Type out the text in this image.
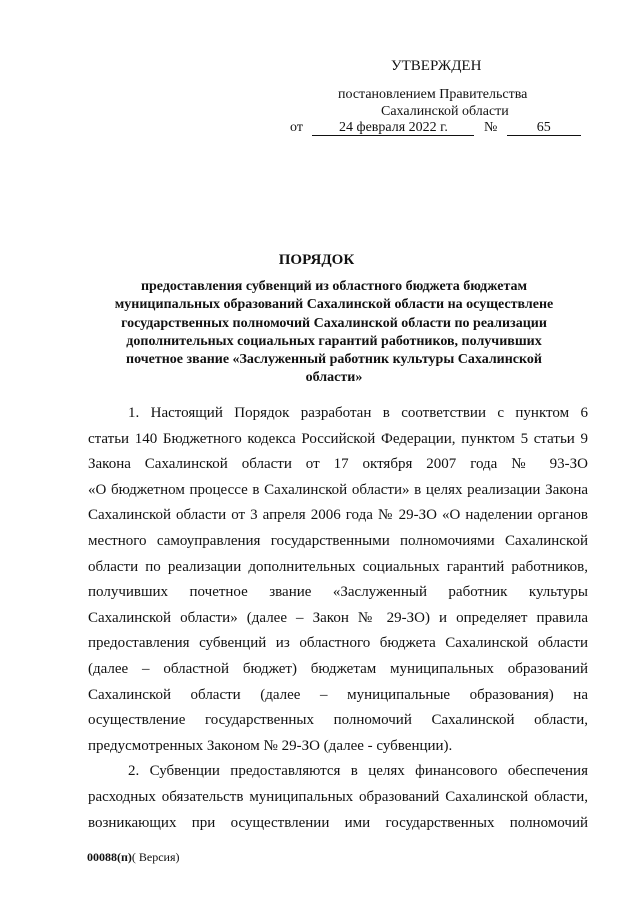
УТВЕРЖДЕН
постановлением Правительства
Сахалинской области
от	24 февраля 2022 г.	№	65
ПОРЯДОК
предоставления субвенций из областного бюджета бюджетам
муниципальных образований Сахалинской области на осуществлене
государственных полномочий Сахалинской области по реализации
дополнительных социальных гарантий работников, получивших
почетное звание «Заслуженный работник культуры Сахалинской
области»
1. Настоящий Порядок разработан в соответствии с пунктом 6
статьи 140 Бюджетного кодекса Российской Федерации, пунктом 5 статьи 9
Закона Сахалинской области от 17 октября 2007 года № 93-ЗО
«О бюджетном процессе в Сахалинской области» в целях реализации Закона
Сахалинской области от 3 апреля 2006 года № 29-ЗО «О наделении органов
местного самоуправления государственными полномочиями Сахалинской
области по реализации дополнительных социальных гарантий работников,
получивших почетное звание «Заслуженный работник культуры
Сахалинской области» (далее – Закон № 29-ЗО) и определяет правила
предоставления субвенций из областного бюджета Сахалинской области
(далее – областной бюджет) бюджетам муниципальных образований
Сахалинской области (далее – муниципальные образования) на
осуществление государственных полномочий Сахалинской области,
предусмотренных Законом № 29-ЗО (далее - субвенции).
2. Субвенции предоставляются в целях финансового обеспечения
расходных обязательств муниципальных образований Сахалинской области,
возникающих при осуществлении ими государственных полномочий
00088(п)( Версия)
